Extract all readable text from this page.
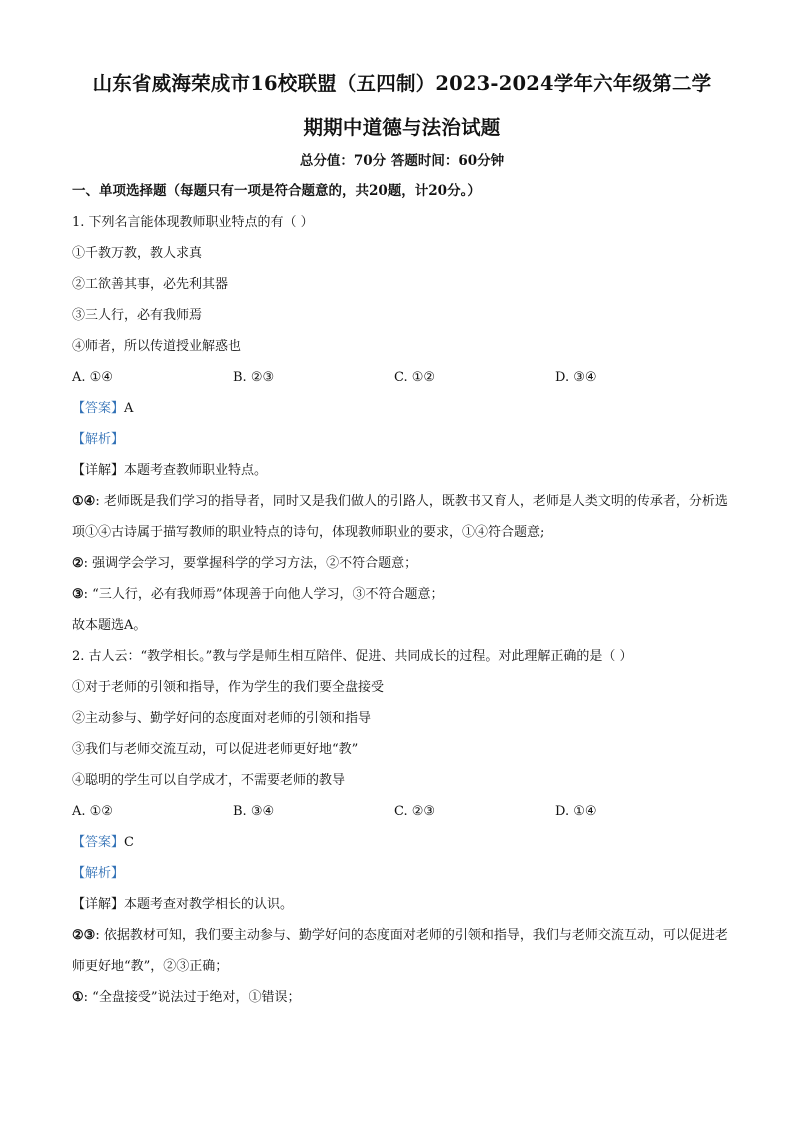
山东省威海荣成市16校联盟（五四制）2023-2024学年六年级第二学
期期中道德与法治试题
总分值：70分 答题时间：60分钟
一、单项选择题（每题只有一项是符合题意的，共20题，计20分。）
1. 下列名言能体现教师职业特点的有（ ）
①千教万教，教人求真
②工欲善其事，必先利其器
③三人行，必有我师焉
④师者，所以传道授业解惑也
A. ①④	B. ②③	C. ①②	D. ③④
【答案】A
【解析】
【详解】本题考查教师职业特点。
①④: 老师既是我们学习的指导者，同时又是我们做人的引路人，既教书又育人，老师是人类文明的传承者，分析选项①④古诗属于描写教师的职业特点的诗句，体现教师职业的要求，①④符合题意;
②: 强调学会学习，要掌握科学的学习方法，②不符合题意；
③: “三人行，必有我师焉”体现善于向他人学习，③不符合题意；
故本题选A。
2. 古人云：“教学相长。”教与学是师生相互陪伴、促进、共同成长的过程。对此理解正确的是（ ）
①对于老师的引领和指导，作为学生的我们要全盘接受
②主动参与、勤学好问的态度面对老师的引领和指导
③我们与老师交流互动，可以促进老师更好地“教”
④聪明的学生可以自学成才，不需要老师的教导
A. ①②	B. ③④	C. ②③	D. ①④
【答案】C
【解析】
【详解】本题考查对教学相长的认识。
②③: 依据教材可知，我们要主动参与、勤学好问的态度面对老师的引领和指导，我们与老师交流互动，可以促进老师更好地“教”，②③正确；
①: “全盘接受”说法过于绝对，①错误；
